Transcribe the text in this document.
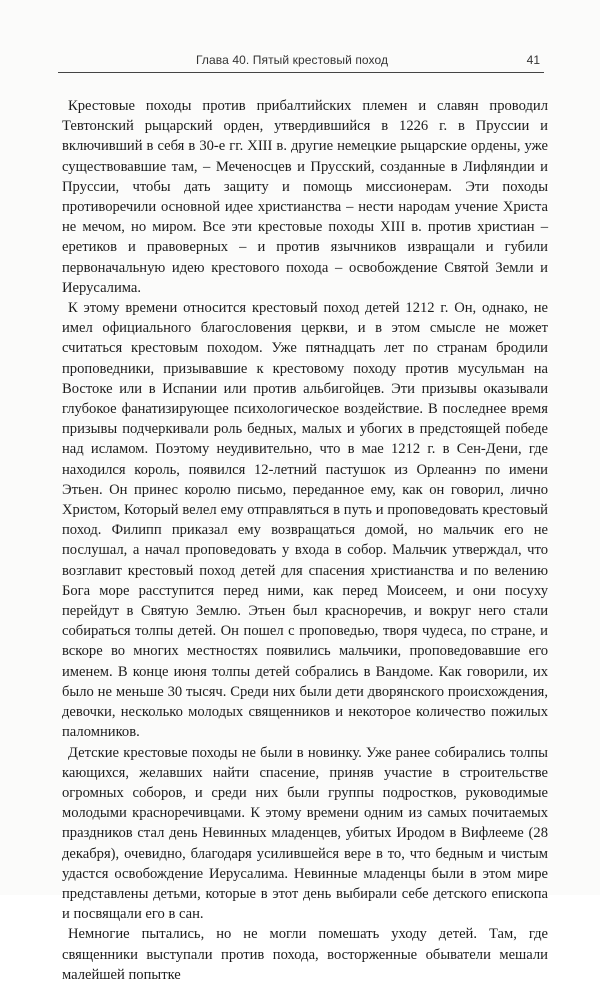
Глава 40. Пятый крестовый поход	41

Крестовые походы против прибалтийских племен и славян проводил Тевтонский рыцарский орден, утвердившийся в 1226 г. в Пруссии и включивший в себя в 30-е гг. XIII в. другие немецкие рыцарские ордены, уже существовавшие там, – Меченосцев и Прусский, созданные в Лифляндии и Пруссии, чтобы дать защиту и помощь миссионерам. Эти походы противоречили основной идее христианства – нести народам учение Христа не мечом, но миром. Все эти крестовые походы XIII в. против христиан – еретиков и правоверных – и против язычников извращали и губили первоначальную идею крестового похода – освобождение Святой Земли и Иерусалима.

К этому времени относится крестовый поход детей 1212 г. Он, однако, не имел официального благословения церкви, и в этом смысле не может считаться крестовым походом. Уже пятнадцать лет по странам бродили проповедники, призывавшие к крестовому походу против мусульман на Востоке или в Испании или против альбигойцев. Эти призывы оказывали глубокое фанатизирующее психологическое воздействие. В последнее время призывы подчеркивали роль бедных, малых и убогих в предстоящей победе над исламом. Поэтому неудивительно, что в мае 1212 г. в Сен-Дени, где находился король, появился 12-летний пастушок из Орлеаннэ по имени Этьен. Он принес королю письмо, переданное ему, как он говорил, лично Христом, Который велел ему отправляться в путь и проповедовать крестовый поход. Филипп приказал ему возвращаться домой, но мальчик его не послушал, а начал проповедовать у входа в собор. Мальчик утверждал, что возглавит крестовый поход детей для спасения христианства и по велению Бога море расступится перед ними, как перед Моисеем, и они посуху перейдут в Святую Землю. Этьен был красноречив, и вокруг него стали собираться толпы детей. Он пошел с проповедью, творя чудеса, по стране, и вскоре во многих местностях появились мальчики, проповедовавшие его именем. В конце июня толпы детей собрались в Вандоме. Как говорили, их было не меньше 30 тысяч. Среди них были дети дворянского происхождения, девочки, несколько молодых священников и некоторое количество пожилых паломников.

Детские крестовые походы не были в новинку. Уже ранее собирались толпы кающихся, желавших найти спасение, приняв участие в строительстве огромных соборов, и среди них были группы подростков, руководимые молодыми красноречивцами. К этому времени одним из самых почитаемых праздников стал день Невинных младенцев, убитых Иродом в Вифлееме (28 декабря), очевидно, благодаря усилившейся вере в то, что бедным и чистым удастся освобождение Иерусалима. Невинные младенцы были в этом мире представлены детьми, которые в этот день выбирали себе детского епископа и посвящали его в сан.

Немногие пытались, но не могли помешать уходу детей. Там, где священники выступали против похода, восторженные обыватели мешали малейшей попытке
